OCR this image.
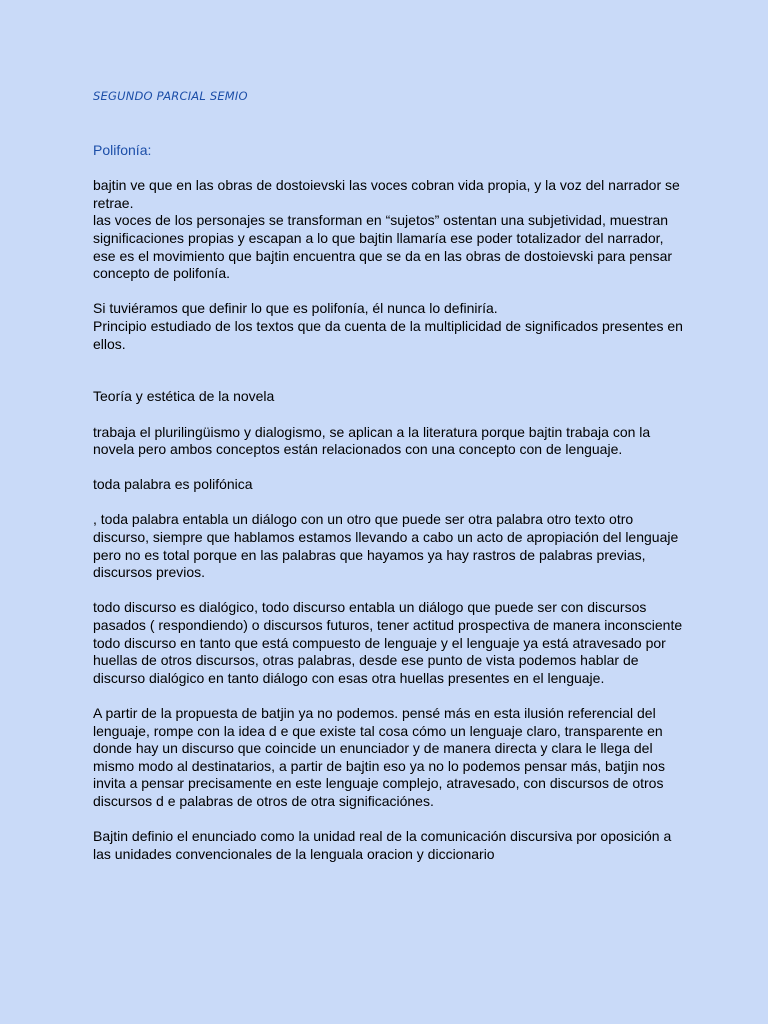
SEGUNDO PARCIAL SEMIO

Polifonía:

bajtin ve que en las obras de dostoievski las voces cobran vida propia, y la voz del narrador se retrae.
las voces de los personajes se transforman en “sujetos” ostentan una subjetividad, muestran significaciones propias y escapan a lo que bajtin llamaría ese poder totalizador del narrador, ese es el movimiento que bajtin encuentra que se da en las obras de dostoievski para pensar concepto de polifonía.

Si tuviéramos que definir lo que es polifonía, él nunca lo definiría.
Principio estudiado de los textos que da cuenta de la multiplicidad de significados presentes en ellos.

Teoría y estética de la novela

trabaja el plurilingüismo y dialogismo, se aplican a la literatura porque bajtin trabaja con la novela pero ambos conceptos están relacionados con una concepto con de lenguaje.

toda palabra es polifónica

, toda palabra entabla un diálogo con un otro que puede ser otra palabra otro texto otro discurso, siempre que hablamos estamos llevando a cabo un acto de apropiación del lenguaje pero no es total porque en las palabras que hayamos ya hay rastros de palabras previas, discursos previos.

todo discurso es dialógico, todo discurso entabla un diálogo que puede ser con discursos pasados ( respondiendo) o discursos futuros, tener actitud prospectiva de manera inconsciente todo discurso en tanto que está compuesto de lenguaje y el lenguaje ya está atravesado por huellas de otros discursos, otras palabras, desde ese punto de vista podemos hablar de discurso dialógico en tanto diálogo con esas otra huellas presentes en el lenguaje.

A partir de la propuesta de batjin ya no podemos. pensé más en esta ilusión referencial del lenguaje, rompe con la idea d e que existe tal cosa cómo un lenguaje claro, transparente en donde hay un discurso que coincide un enunciador y de manera directa y clara le llega del mismo modo al destinatarios, a partir de bajtin eso ya no lo podemos pensar más, batjin nos invita a pensar precisamente en este lenguaje complejo, atravesado, con discursos de otros discursos d e palabras de otros de otra significaciónes.

Bajtin definio el enunciado como la unidad real de la comunicación discursiva por oposición a las unidades convencionales de la lenguala oracion y diccionario
